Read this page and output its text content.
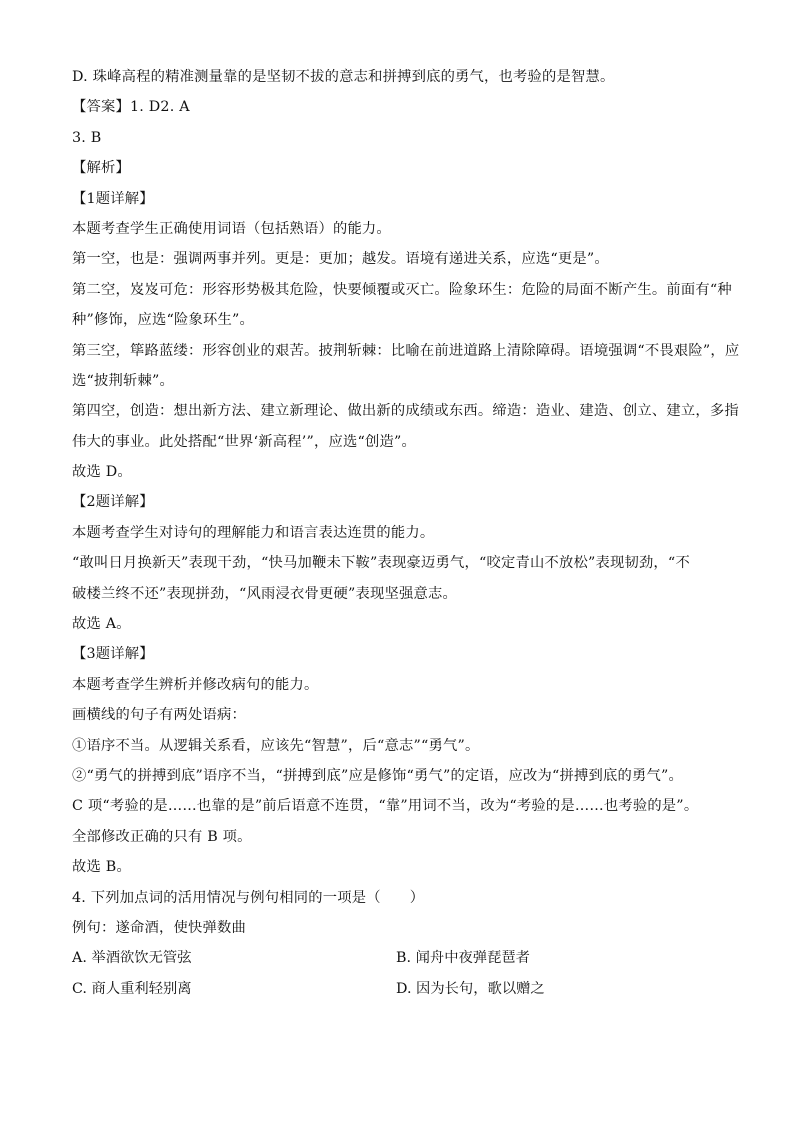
D. 珠峰高程的精准测量靠的是坚韧不拔的意志和拼搏到底的勇气，也考验的是智慧。
【答案】1. D2. A
3. B
【解析】
【1题详解】
本题考查学生正确使用词语（包括熟语）的能力。
第一空，也是：强调两事并列。更是：更加；越发。语境有递进关系，应选“更是”。
第二空，岌岌可危：形容形势极其危险，快要倾覆或灭亡。险象环生：危险的局面不断产生。前面有“种
种”修饰，应选“险象环生”。
第三空，筚路蓝缕：形容创业的艰苦。披荆斩棘：比喻在前进道路上清除障碍。语境强调“不畏艰险”，应
选“披荆斩棘”。
第四空，创造：想出新方法、建立新理论、做出新的成绩或东西。缔造：造业、建造、创立、建立，多指
伟大的事业。此处搭配“世界‘新高程’”，应选“创造”。
故选 D。
【2题详解】
本题考查学生对诗句的理解能力和语言表达连贯的能力。
“敢叫日月换新天”表现干劲，“快马加鞭未下鞍”表现豪迈勇气，“咬定青山不放松”表现韧劲，“不
破楼兰终不还”表现拼劲，“风雨浸衣骨更硬”表现坚强意志。
故选 A。
【3题详解】
本题考查学生辨析并修改病句的能力。
画横线的句子有两处语病：
①语序不当。从逻辑关系看，应该先“智慧”，后“意志”“勇气”。
②“勇气的拼搏到底”语序不当，“拼搏到底”应是修饰“勇气”的定语，应改为“拼搏到底的勇气”。
C 项“考验的是……也靠的是”前后语意不连贯，“靠”用词不当，改为“考验的是……也考验的是”。
全部修改正确的只有 B 项。
故选 B。
4. 下列加点词的活用情况与例句相同的一项是（　　）
例句：遂命酒，使快弹数曲
A. 举酒欲饮无管弦	B. 闻舟中夜弹琵琶者
C. 商人重利轻别离	D. 因为长句，歌以赠之
